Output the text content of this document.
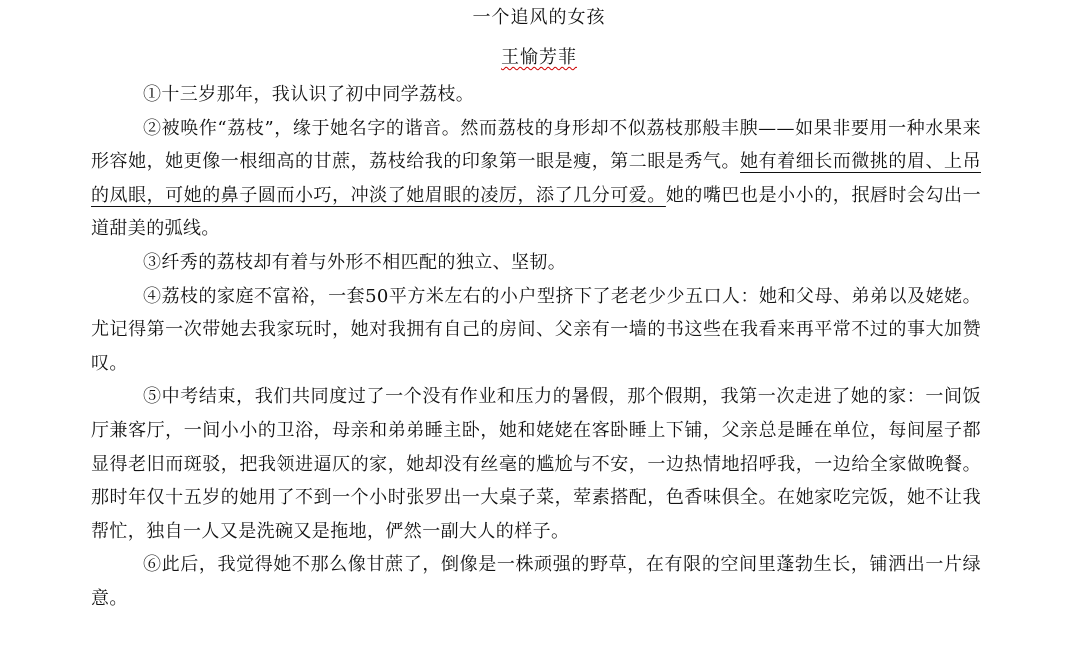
一个追风的女孩
王愉芳菲

①十三岁那年，我认识了初中同学荔枝。

②被唤作“荔枝”，缘于她名字的谐音。然而荔枝的身形却不似荔枝那般丰腴——如果非要用一种水果来形容她，她更像一根细高的甘蔗，荔枝给我的印象第一眼是瘦，第二眼是秀气。她有着细长而微挑的眉、上吊的凤眼，可她的鼻子圆而小巧，冲淡了她眉眼的凌厉，添了几分可爱。她的嘴巴也是小小的，抿唇时会勾出一道甜美的弧线。

③纤秀的荔枝却有着与外形不相匹配的独立、坚韧。

④荔枝的家庭不富裕，一套50平方米左右的小户型挤下了老老少少五口人：她和父母、弟弟以及姥姥。尤记得第一次带她去我家玩时，她对我拥有自己的房间、父亲有一墙的书这些在我看来再平常不过的事大加赞叹。

⑤中考结束，我们共同度过了一个没有作业和压力的暑假，那个假期，我第一次走进了她的家：一间饭厅兼客厅，一间小小的卫浴，母亲和弟弟睡主卧，她和姥姥在客卧睡上下铺，父亲总是睡在单位，每间屋子都显得老旧而斑驳，把我领进逼仄的家，她却没有丝毫的尴尬与不安，一边热情地招呼我，一边给全家做晚餐。那时年仅十五岁的她用了不到一个小时张罗出一大桌子菜，荤素搭配，色香味俱全。在她家吃完饭，她不让我帮忙，独自一人又是洗碗又是拖地，俨然一副大人的样子。

⑥此后，我觉得她不那么像甘蔗了，倒像是一株顽强的野草，在有限的空间里蓬勃生长，铺洒出一片绿意。
